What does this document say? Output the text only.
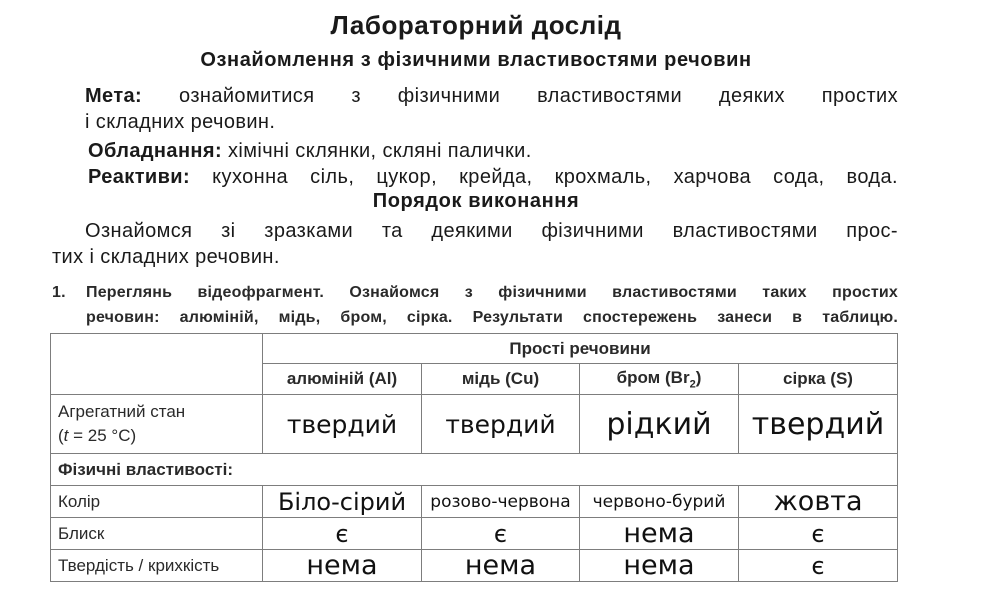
Лабораторний дослід
Ознайомлення з фізичними властивостями речовин
Мета: ознайомитися з фізичними властивостями деяких простих
і складних речовин.
Обладнання: хімічні склянки, скляні палички.
Реактиви: кухонна сіль, цукор, крейда, крохмаль, харчова сода, вода.
Порядок виконання
Ознайомся зі зразками та деякими фізичними властивостями прос-
тих і складних речовин.
1.	Переглянь відеофрагмент. Ознайомся з фізичними властивостями таких простих
речовин: алюміній, мідь, бром, сірка. Результати спостережень занеси в таблицю.
	Прості речовини			
	алюміній (Al)	мідь (Cu)	бром $(Br_2)$	сірка (S)

Агрегатний стан
(t = 25 °C)	твердий	твердий	рідкий	твердий
Фізичні властивості:				
Колір	Біло-сірий	розово-червона	червоно-бурий	жовта
Блиск	є	є	нема	є
Твердість / крихкість	нема	нема	нема	є
